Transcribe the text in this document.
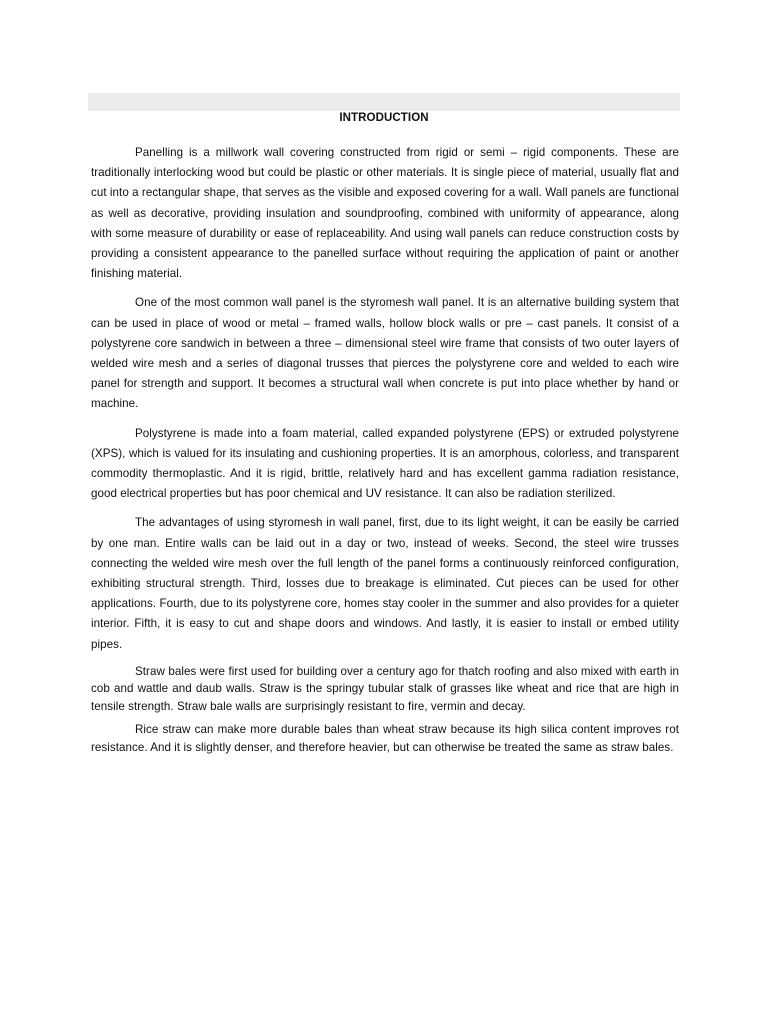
INTRODUCTION

Panelling is a millwork wall covering constructed from rigid or semi – rigid components. These are traditionally interlocking wood but could be plastic or other materials. It is single piece of material, usually flat and cut into a rectangular shape, that serves as the visible and exposed covering for a wall. Wall panels are functional as well as decorative, providing insulation and soundproofing, combined with uniformity of appearance, along with some measure of durability or ease of replaceability. And using wall panels can reduce construction costs by providing a consistent appearance to the panelled surface without requiring the application of paint or another finishing material.

One of the most common wall panel is the styromesh wall panel. It is an alternative building system that can be used in place of wood or metal – framed walls, hollow block walls or pre – cast panels. It consist of a polystyrene core sandwich in between a three – dimensional steel wire frame that consists of two outer layers of welded wire mesh and a series of diagonal trusses that pierces the polystyrene core and welded to each wire panel for strength and support. It becomes a structural wall when concrete is put into place whether by hand or machine.

Polystyrene is made into a foam material, called expanded polystyrene (EPS) or extruded polystyrene (XPS), which is valued for its insulating and cushioning properties. It is an amorphous, colorless, and transparent commodity thermoplastic. And it is rigid, brittle, relatively hard and has excellent gamma radiation resistance, good electrical properties but has poor chemical and UV resistance. It can also be radiation sterilized.

The advantages of using styromesh in wall panel, first, due to its light weight, it can be easily be carried by one man. Entire walls can be laid out in a day or two, instead of weeks. Second, the steel wire trusses connecting the welded wire mesh over the full length of the panel forms a continuously reinforced configuration, exhibiting structural strength. Third, losses due to breakage is eliminated. Cut pieces can be used for other applications. Fourth, due to its polystyrene core, homes stay cooler in the summer and also provides for a quieter interior. Fifth, it is easy to cut and shape doors and windows. And lastly, it is easier to install or embed utility pipes.

Straw bales were first used for building over a century ago for thatch roofing and also mixed with earth in cob and wattle and daub walls. Straw is the springy tubular stalk of grasses like wheat and rice that are high in tensile strength. Straw bale walls are surprisingly resistant to fire, vermin and decay.

Rice straw can make more durable bales than wheat straw because its high silica content improves rot resistance. And it is slightly denser, and therefore heavier, but can otherwise be treated the same as straw bales.
